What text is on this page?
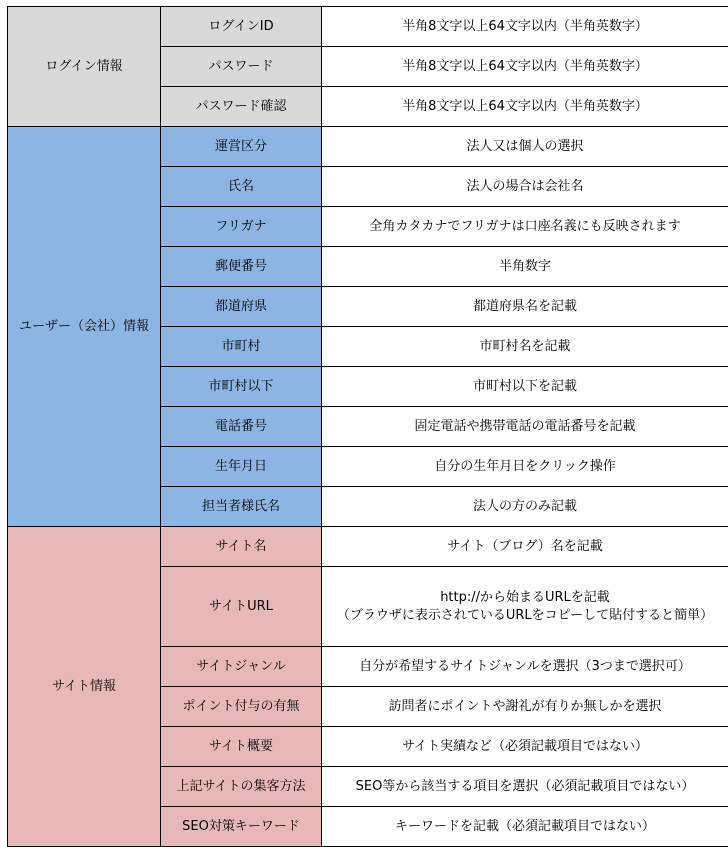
ログイン情報	ログインID	半角8文字以上64文字以内（半角英数字）

	パスワード	半角8文字以上64文字以内（半角英数字）

	パスワード確認	半角8文字以上64文字以内（半角英数字）

ユーザー（会社）情報	運営区分	法人又は個人の選択

	氏名	法人の場合は会社名

	フリガナ	全角カタカナでフリガナは口座名義にも反映されます

	郵便番号	半角数字

	都道府県	都道府県名を記載

	市町村	市町村名を記載

	市町村以下	市町村以下を記載

	電話番号	固定電話や携帯電話の電話番号を記載

	生年月日	自分の生年月日をクリック操作

	担当者様氏名	法人の方のみ記載

サイト情報	サイト名	サイト（ブログ）名を記載

	サイトURL	http://から始まるURLを記載
（ブラウザに表示されているURLをコピーして貼付すると簡単）

	サイトジャンル	自分が希望するサイトジャンルを選択（3つまで選択可）

	ポイント付与の有無	訪問者にポイントや謝礼が有りか無しかを選択

	サイト概要	サイト実績など（必須記載項目ではない）

	上記サイトの集客方法	SEO等から該当する項目を選択（必須記載項目ではない）

	SEO対策キーワード	キーワードを記載（必須記載項目ではない）
